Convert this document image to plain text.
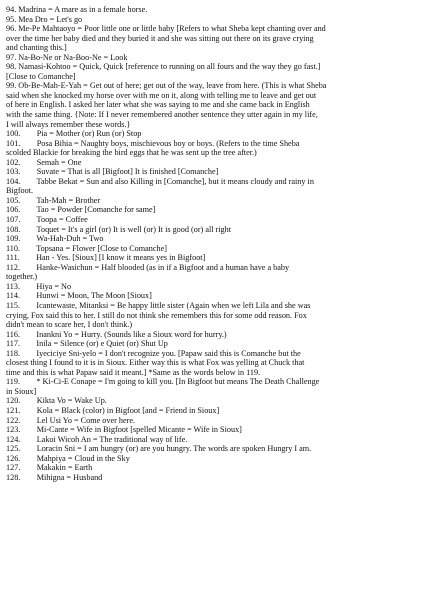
94. Madrina = A mare as in a female horse.
95. Mea Dro = Let's go
96. Me-Pe Mahtaoyo = Poor little one or little baby [Refers to what Sheba kept chanting over and
over the time her baby died and they buried it and she was sitting out there on its grave crying
and chanting this.]
97. Na-Bo-Ne or Na-Boo-Ne = Look
98. Namasi-Kohtoo = Quick, Quick [reference to running on all fours and the way they go fast.]
[Close to Comanche]
99. Ob-Be-Mah-E-Yah = Get out of here; get out of the way, leave from here. (This is what Sheba
said when she knocked my horse over with me on it, along with telling me to leave and get out
of here in English. I asked her later what she was saying to me and she came back in English
with the same thing. {Note: If I never remembered another sentence they utter again in my life,
I will always remember these words.}
100.        Pia = Mother (or) Run (or) Stop
101.        Posa Bihia = Naughty boys, mischievous boy or boys. (Refers to the time Sheba
scolded Blackie for breaking the bird eggs that he was sent up the tree after.)
102.        Semah = One
103.        Suvate = That is all [Bigfoot] It is finished [Comanche]
104.        Tabbe Bekat = Sun and also Killing in [Comanche], but it means cloudy and rainy in
Bigfoot.
105.        Tah-Mah = Brother
106.        Tao = Powder [Comanche for same]
107.        Toopa = Coffee
108.        Toquet = It's a girl (or) It is well (or) It is good (or) all right
109.        Wa-Hah-Duh = Two
110.        Topsana = Flower [Close to Comanche]
111.        Han - Yes. [Sioux] [I know it means yes in Bigfoot]
112.        Hanke-Wasichun = Half blooded (as in if a Bigfoot and a human have a baby
together.)
113.        Hiya = No
114.        Hunwi = Moon, The Moon [Sioux]
115.        Icantewaste, Mitanksi = Be happy little sister (Again when we left Lila and she was
crying, Fox said this to her. I still do not think she remembers this for some odd reason. Fox
didn't mean to scare her, I don't think.)
116.        Inankni Yo = Hurry. (Sounds like a Sioux word for hurry.)
117.        Inila = Silence (or) e Quiet (or) Shut Up
118.        Iyeciciye Sni-yelo = I don't recognize you. [Papaw said this is Comanche but the
closest thing I found to it is in Sioux. Either way this is what Fox was yelling at Chuck that
time and this is what Papaw said it meant.] *Same as the words below in 119.
119.        * Ki-Ci-E Conape = I'm going to kill you. [In Bigfoot but means The Death Challenge
in Sioux]
120.        Kikta Vo = Wake Up.
121.        Kola = Black (color) in Bigfoot [and = Friend in Sioux]
122.        Lel Usi Yo = Come over here.
123.        Mi-Cante = Wife in Bigfoot [spelled Micante = Wife in Sioux]
124.        Lakoi Wicoh An = The traditional way of life.
125.        Loracin Sni = I am hungry (or) are you hungry. The words are spoken Hungry I am.
126.        Mahpiya = Cloud in the Sky
127.        Makakin = Earth
128.        Mihigna = Husband
